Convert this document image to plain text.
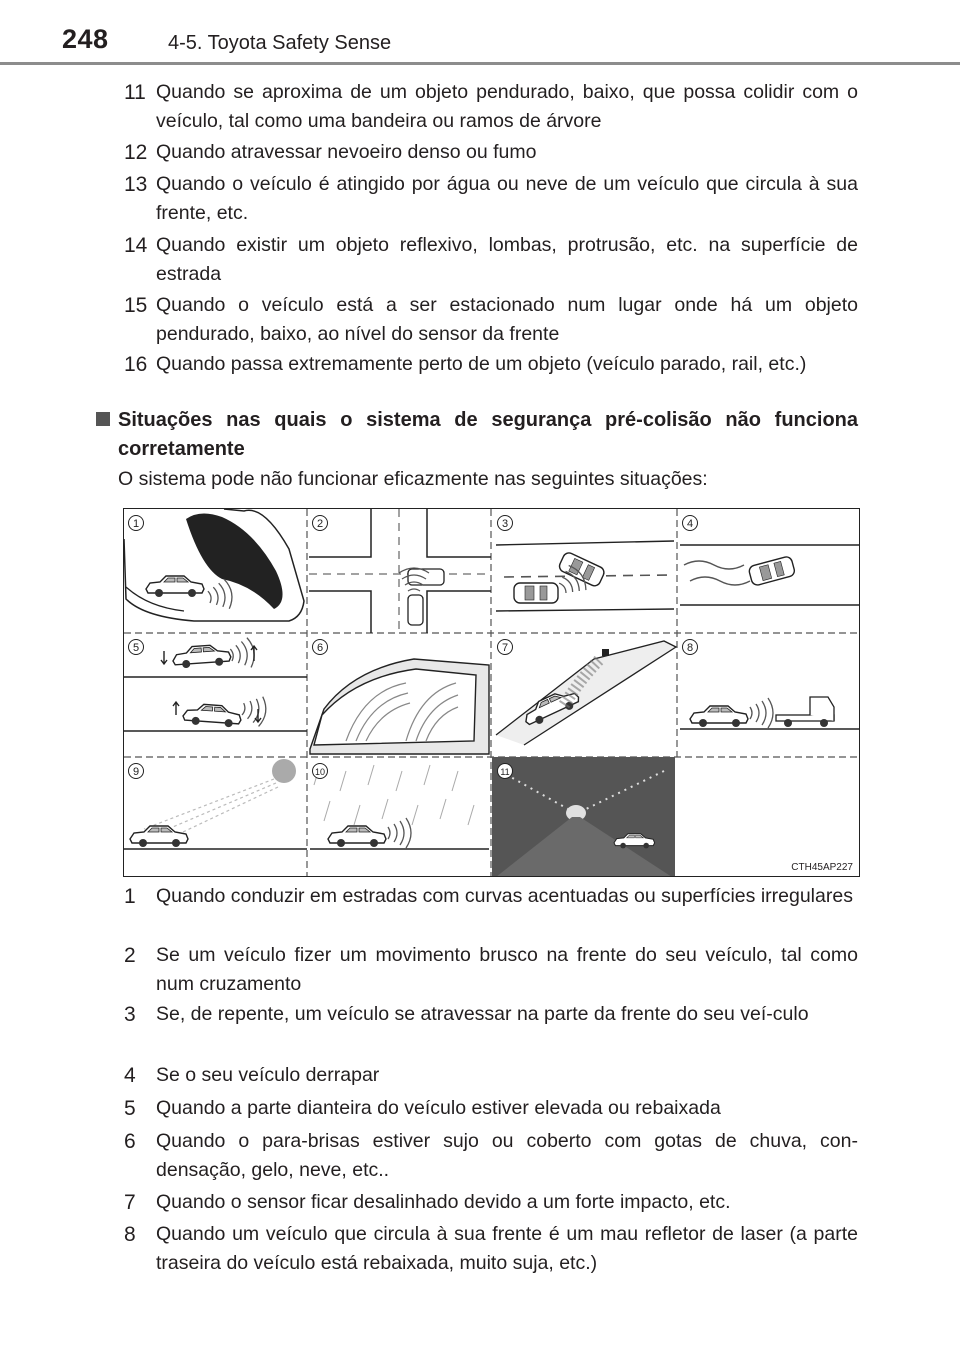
248	4-5. Toyota Safety Sense
11 Quando se aproxima de um objeto pendurado, baixo, que possa colidir com o veículo, tal como uma bandeira ou ramos de árvore
12 Quando atravessar nevoeiro denso ou fumo
13 Quando o veículo é atingido por água ou neve de um veículo que circula à sua frente, etc.
14 Quando existir um objeto reflexivo, lombas, protrusão, etc. na superfície de estrada
15 Quando o veículo está a ser estacionado num lugar onde há um objeto pendurado, baixo, ao nível do sensor da frente
16 Quando passa extremamente perto de um objeto (veículo parado, rail, etc.)
Situações nas quais o sistema de segurança pré-colisão não funciona corretamente
O sistema pode não funcionar eficazmente nas seguintes situações:
1	2	3	4
5	6	7	8
9	10	11
CTH45AP227
1	Quando conduzir em estradas com curvas acentuadas ou superfícies irregulares
2	Se um veículo fizer um movimento brusco na frente do seu veículo, tal como num cruzamento
3	Se, de repente, um veículo se atravessar na parte da frente do seu veí-culo
4	Se o seu veículo derrapar
5	Quando a parte dianteira do veículo estiver elevada ou rebaixada
6	Quando o para-brisas estiver sujo ou coberto com gotas de chuva, con-densação, gelo, neve, etc..
7	Quando o sensor ficar desalinhado devido a um forte impacto, etc.
8	Quando um veículo que circula à sua frente é um mau refletor de laser (a parte traseira do veículo está rebaixada, muito suja, etc.)
